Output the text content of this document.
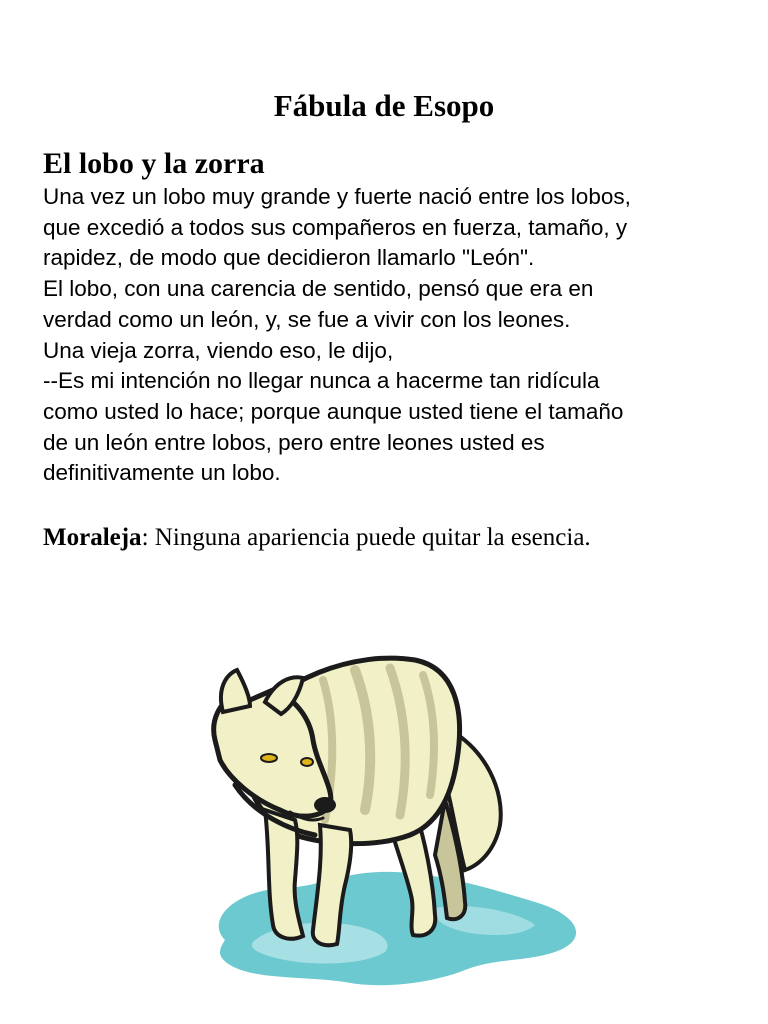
Fábula de Esopo
El lobo y la zorra

Una vez un lobo muy grande y fuerte nació entre los lobos,
que excedió a todos sus compañeros en fuerza, tamaño, y
rapidez, de modo que decidieron llamarlo "León".
El lobo, con una carencia de sentido, pensó que era en
verdad como un león, y, se fue a vivir con los leones.
Una vieja zorra, viendo eso, le dijo,
--Es mi intención no llegar nunca a hacerme tan ridícula
como usted lo hace; porque aunque usted tiene el tamaño
de un león entre lobos, pero entre leones usted es
definitivamente un lobo.

Moraleja: Ninguna apariencia puede quitar la esencia.
